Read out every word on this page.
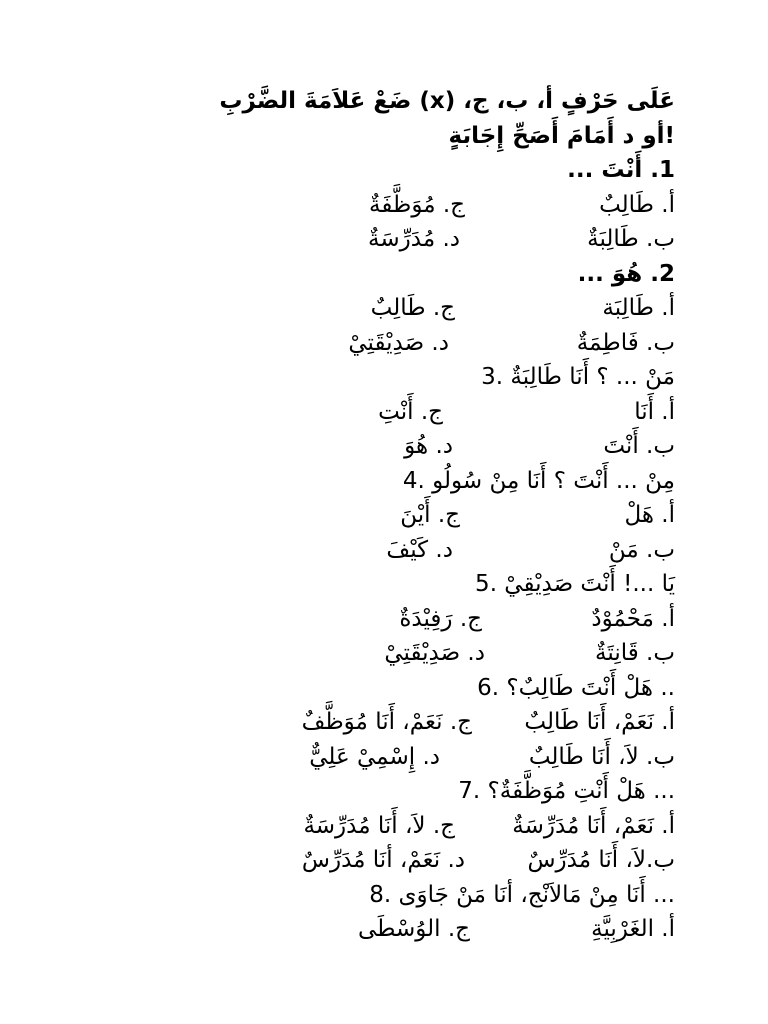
عَلَى حَرْفٍ أ، ب، ج، (x) ضَعْ عَلاَمَةَ الضَّرْبِ
!أو د أَمَامَ أَصَحِّ إِجَابَةٍ
1. أَنْتَ ...
أ. طَالِبٌ
ج. مُوَظَّفَةٌ
ب. طَالِبَةٌ
د. مُدَرِّسَةٌ
2. هُوَ ...
أ. طَالِبَة
ج. طَالِبٌ
ب. فَاطِمَةٌ
د. صَدِيْقَتِيْ
مَنْ ... ؟ أَنَا طَالِبَةٌ .3
أ. أَنَا
ج. أَنْتِ
ب. أَنْتَ
د. هُوَ
مِنْ ... أَنْتَ ؟ أَنَا مِنْ سُولُو .4
أ. هَلْ
ج. أَيْنَ
ب. مَنْ
د. كَيْفَ
يَا ...! أَنْتَ صَدِيْقِيْ .5
أ. مَحْمُوْدٌ
ج. رَفِيْدَةٌ
ب. قَانِتَةٌ
د. صَدِيْقَتِيْ
.. هَلْ أَنْتَ طَالِبٌ؟ .6
أ. نَعَمْ، أَنَا طَالِبٌ
ج. نَعَمْ، أَنَا مُوَظَّفٌ
ب. لاَ، أَنَا طَالِبٌ
د. إِسْمِيْ عَلِيٌّ
... هَلْ أَنْتِ مُوَظَّفَةٌ؟ .7
أ. نَعَمْ، أَنَا مُدَرِّسَةٌ
ج. لاَ، أَنَا مُدَرِّسَةٌ
ب.لاَ، أَنَا مُدَرِّسٌ
د. نَعَمْ، أنَا مُدَرِّسٌ
... أَنَا مِنْ مَالاَنْج، أنَا مَنْ جَاوَى .8
أ. الغَرْبِيَّةِ
ج. الوُسْطَى
